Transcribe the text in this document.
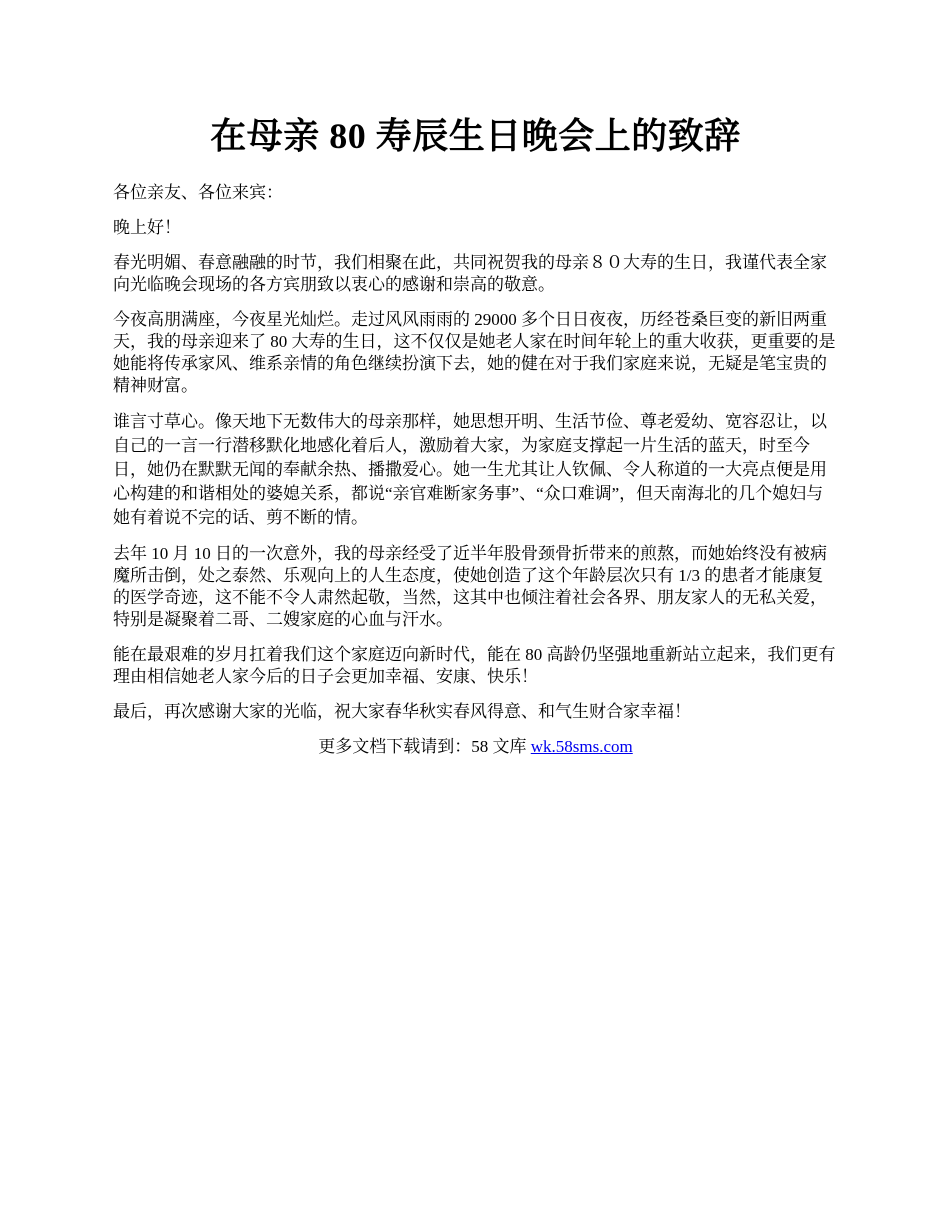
在母亲 80 寿辰生日晚会上的致辞

各位亲友、各位来宾：

晚上好！

春光明媚、春意融融的时节，我们相聚在此，共同祝贺我的母亲８０大寿的生日，我谨代表全家向光临晚会现场的各方宾朋致以衷心的感谢和崇高的敬意。

今夜高朋满座，今夜星光灿烂。走过风风雨雨的 29000 多个日日夜夜，历经苍桑巨变的新旧两重天，我的母亲迎来了 80 大寿的生日，这不仅仅是她老人家在时间年轮上的重大收获，更重要的是她能将传承家风、维系亲情的角色继续扮演下去，她的健在对于我们家庭来说，无疑是笔宝贵的精神财富。

谁言寸草心。像天地下无数伟大的母亲那样，她思想开明、生活节俭、尊老爱幼、宽容忍让，以自己的一言一行潜移默化地感化着后人，激励着大家，为家庭支撑起一片生活的蓝天，时至今日，她仍在默默无闻的奉献余热、播撒爱心。她一生尤其让人钦佩、令人称道的一大亮点便是用心构建的和谐相处的婆媳关系，都说“亲官难断家务事”、“众口难调”，但天南海北的几个媳妇与她有着说不完的话、剪不断的情。

去年 10 月 10 日的一次意外，我的母亲经受了近半年股骨颈骨折带来的煎熬，而她始终没有被病魔所击倒，处之泰然、乐观向上的人生态度，使她创造了这个年龄层次只有 1/3 的患者才能康复的医学奇迹，这不能不令人肃然起敬，当然，这其中也倾注着社会各界、朋友家人的无私关爱，特别是凝聚着二哥、二嫂家庭的心血与汗水。

能在最艰难的岁月扛着我们这个家庭迈向新时代，能在 80 高龄仍坚强地重新站立起来，我们更有理由相信她老人家今后的日子会更加幸福、安康、快乐！

最后，再次感谢大家的光临，祝大家春华秋实春风得意、和气生财合家幸福！

更多文档下载请到：58 文库 wk.58sms.com
